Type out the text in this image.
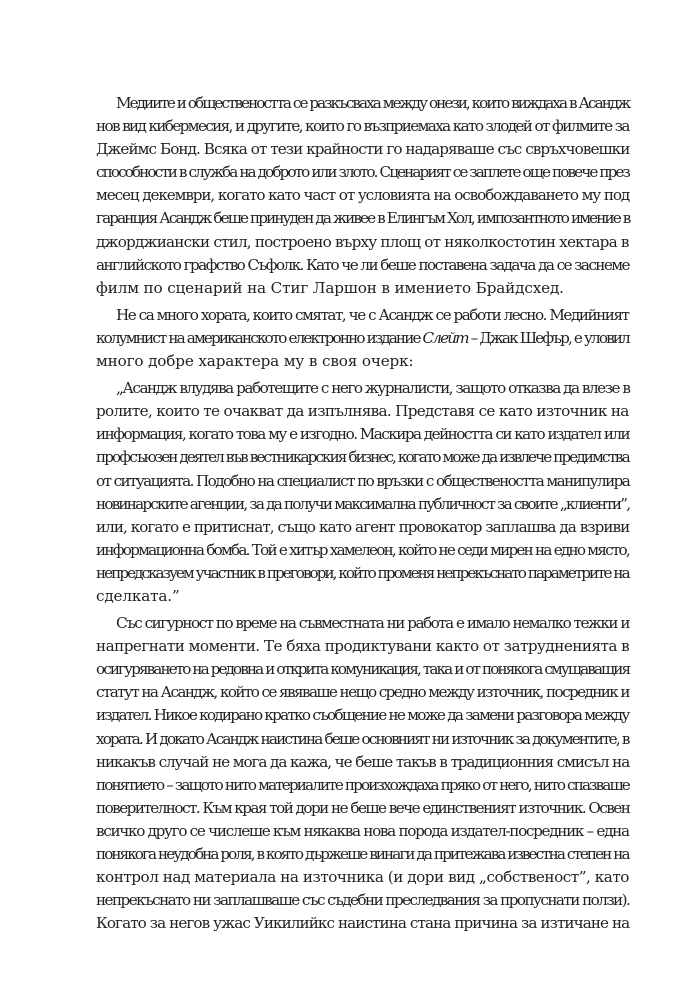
Медиите и обществеността се разкъсваха между онези, които виждаха в Асандж
нов вид кибермесия, и другите, които го възприемаха като злодей от филмите за
Джеймс Бонд. Всяка от тези крайности го надаряваше със свръхчовешки
способности в служба на доброто или злото. Сценарият се заплете още повече през
месец декември, когато като част от условията на освобождаването му под
гаранция Асандж беше принуден да живее в Елингъм Хол, импозантното имение в
джорджиански стил, построено върху площ от няколкостотин хектара в
английското графство Съфолк. Като че ли беше поставена задача да се заснеме
филм по сценарий на Стиг Ларшон в имението Брайдсхед.
Не са много хората, които смятат, че с Асандж се работи лесно. Медийният
колумнист на американското електронно издание Слейт – Джак Шефър, е уловил
много добре характера му в своя очерк:
„Асандж влудява работещите с него журналисти, защото отказва да влезе в
ролите, които те очакват да изпълнява. Представя се като източник на
информация, когато това му е изгодно. Маскира дейността си като издател или
профсъюзен деятел във вестникарския бизнес, когато може да извлече предимства
от ситуацията. Подобно на специалист по връзки с обществеността манипулира
новинарските агенции, за да получи максимална публичност за своите „клиенти”,
или, когато е притиснат, също като агент провокатор заплашва да взриви
информационна бомба. Той е хитър хамелеон, който не седи мирен на едно място,
непредсказуем участник в преговори, който променя непрекъснато параметрите на
сделката.”
Със сигурност по време на съвместната ни работа е имало немалко тежки и
напрегнати моменти. Те бяха продиктувани както от затрудненията в
осигуряването на редовна и открита комуникация, така и от понякога смущаващия
статут на Асандж, който се явяваше нещо средно между източник, посредник и
издател. Никое кодирано кратко съобщение не може да замени разговора между
хората. И докато Асандж наистина беше основният ни източник за документите, в
никакъв случай не мога да кажа, че беше такъв в традиционния смисъл на
понятието – защото нито материалите произхождаха пряко от него, нито спазваше
поверителност. Към края той дори не беше вече единственият източник. Освен
всичко друго се числеше към някаква нова порода издател-посредник – една
понякога неудобна роля, в която държеше винаги да притежава известна степен на
контрол над материала на източника (и дори вид „собственост”, като
непрекъснато ни заплашваше със съдебни преследвания за пропуснати ползи).
Когато за негов ужас Уикилийкс наистина стана причина за изтичане на
